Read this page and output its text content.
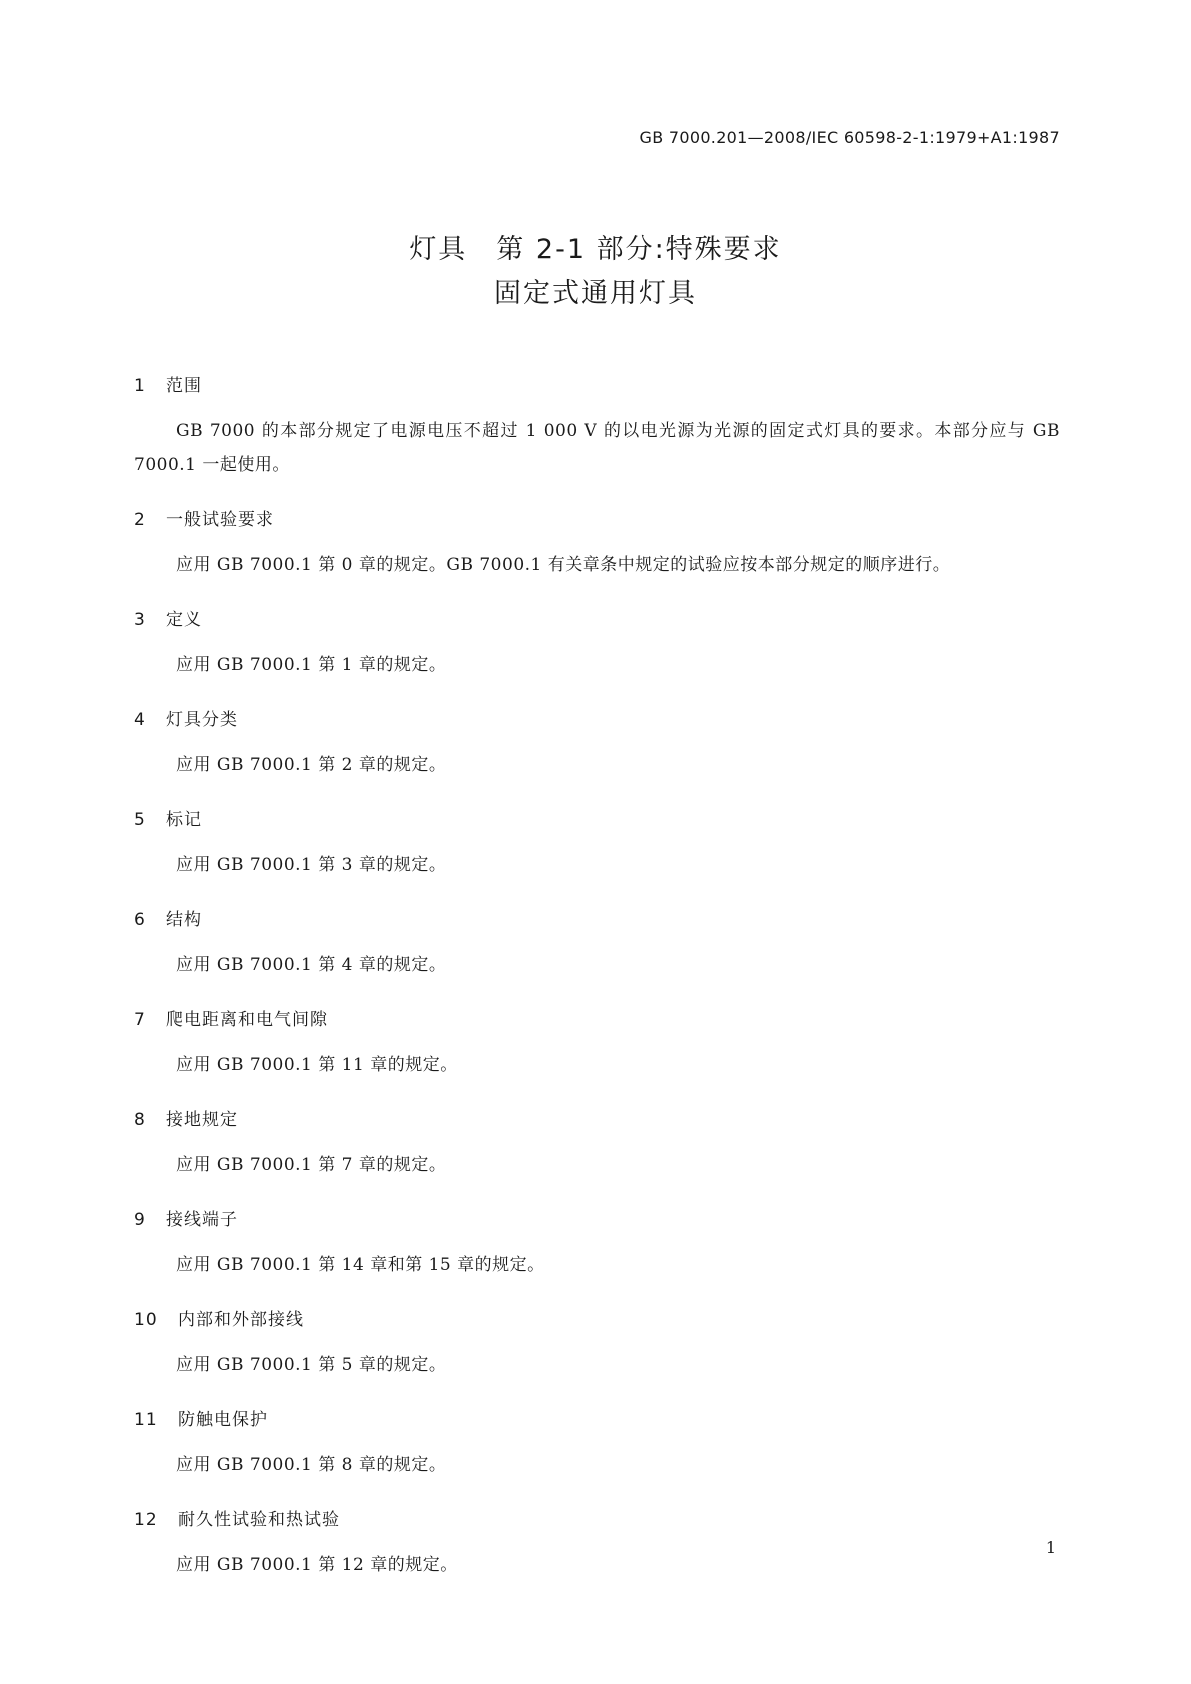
GB 7000.201—2008/IEC 60598-2-1:1979+A1:1987
灯具　第 2-1 部分:特殊要求
固定式通用灯具
1	范围

GB 7000 的本部分规定了电源电压不超过 1 000 V 的以电光源为光源的固定式灯具的要求。本部分应与 GB 7000.1 一起使用。

2	一般试验要求

应用 GB 7000.1 第 0 章的规定。GB 7000.1 有关章条中规定的试验应按本部分规定的顺序进行。

3	定义

应用 GB 7000.1 第 1 章的规定。

4	灯具分类

应用 GB 7000.1 第 2 章的规定。

5	标记

应用 GB 7000.1 第 3 章的规定。

6	结构

应用 GB 7000.1 第 4 章的规定。

7	爬电距离和电气间隙

应用 GB 7000.1 第 11 章的规定。

8	接地规定

应用 GB 7000.1 第 7 章的规定。

9	接线端子

应用 GB 7000.1 第 14 章和第 15 章的规定。

10	内部和外部接线

应用 GB 7000.1 第 5 章的规定。

11	防触电保护

应用 GB 7000.1 第 8 章的规定。

12	耐久性试验和热试验

应用 GB 7000.1 第 12 章的规定。

1
